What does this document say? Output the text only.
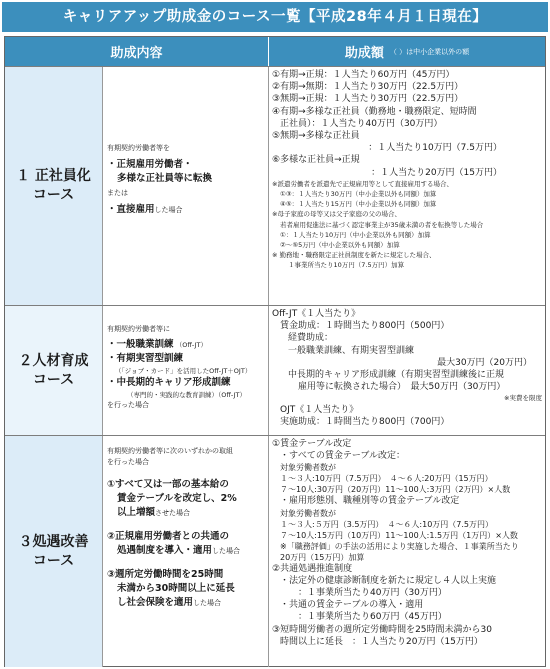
キャリアアップ助成金のコース一覧【平成28年４月１日現在】
助成内容	助成額 （ ）は中小企業以外の額
１ 正社員化
コース
有期契約労働者等を
・正規雇用労働者・
多様な正社員等に転換
または
・直接雇用した場合
①有期→正規：１人当たり60万円（45万円）
②有期→無期：１人当たり30万円（22.5万円）
③無期→正規：１人当たり30万円（22.5万円）
④有期→多様な正社員（勤務地・職務限定、短時間
正社員）：１人当たり40万円（30万円）
⑤無期→多様な正社員
：１人当たり10万円（7.5万円）
⑥多様な正社員→正規
：１人当たり20万円（15万円）
※派遣労働者を派遣先で正規雇用等として直接雇用する場合、
①③：１人当たり30万円（中小企業以外も同額）加算
④⑤：１人当たり15万円（中小企業以外も同額）加算
※母子家庭の母等又は父子家庭の父の場合、
若者雇用促進法に基づく認定事業主が35歳未満の者を転換等した場合
①：１人当たり10万円（中小企業以外も同額）加算
②～⑤5万円（中小企業以外も同額）加算
※ 勤務地・職務限定正社員制度を新たに規定した場合、
１事業所当たり10万円（7.5万円）加算
２人材育成
コース
有期契約労働者等に
・一般職業訓練 （Off-JT）
・有期実習型訓練
（「ジョブ・カード」を活用したOff-JT＋OJT）
・中長期的キャリア形成訓練
（専門的・実践的な教育訓練）（Off-JT）
を行った場合
Off-JT《１人当たり》
賃金助成：１時間当たり800円（500円）
経費助成：
一般職業訓練、有期実習型訓練
最大30万円（20万円）
中長期的キャリア形成訓練（有期実習型訓練後に正規
雇用等に転換された場合）　最大50万円（30万円）
※実費を限度
OJT《１人当たり》
実施助成：１時間当たり800円（700円）
３処遇改善
コース
有期契約労働者等に次のいずれかの取組
を行った場合
①すべて又は一部の基本給の
賃金テーブルを改定し、2%
以上増額させた場合
②正規雇用労働者との共通の
処遇制度を導入・適用した場合
③週所定労働時間を25時間
未満から30時間以上に延長
し社会保険を適用した場合
①賃金テーブル改定
・すべての賃金テーブル改定：
対象労働者数が
１～３人:10万円（7.5万円）　４～６人:20万円（15万円）
７～10人:30万円（20万円）11～100人:3万円（2万円）×人数
・雇用形態別、職種別等の賃金テーブル改定
対象労働者数が
１～３人:５万円（3.5万円）　４～６人:10万円（7.5万円）
７～10人:15万円（10万円）11～100人:1.5万円（1万円）×人数
※「職務評価」の手法の活用により実施した場合、１事業所当たり
20万円（15万円）加算
②共通処遇推進制度
・法定外の健康診断制度を新たに規定し４人以上実施
：１事業所当たり40万円（30万円）
・共通の賃金テーブルの導入・適用
：１事業所当たり60万円（45万円）
③短時間労働者の週所定労働時間を25時間未満から30
時間以上に延長　：１人当たり20万円（15万円）
